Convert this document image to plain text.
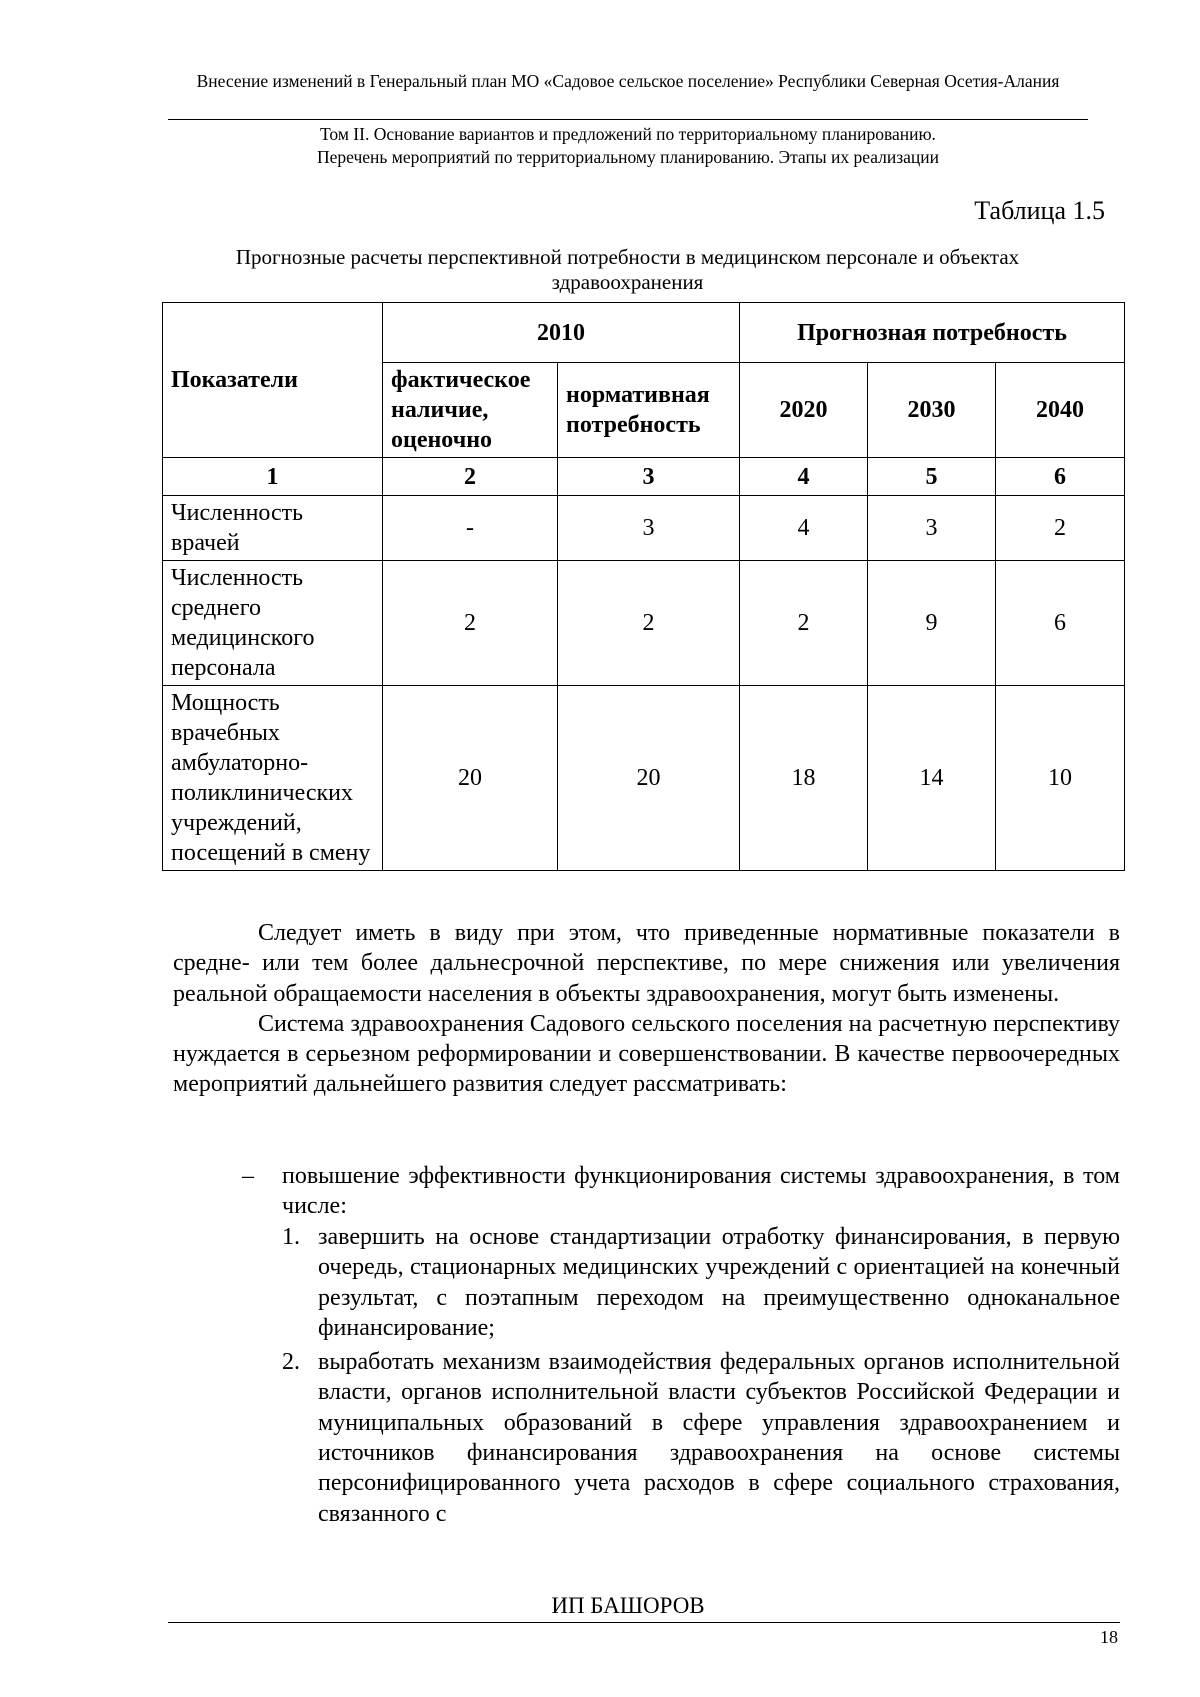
Внесение изменений в Генеральный план МО «Садовое сельское поселение» Республики Северная Осетия-Алания
Том II. Основание вариантов и предложений по территориальному планированию.
Перечень мероприятий по территориальному планированию. Этапы их реализации
Таблица 1.5
Прогнозные расчеты перспективной потребности в медицинском персонале и объектах здравоохранения
Показатели	2010		Прогнозная потребность		
	фактическое наличие, оценочно	нормативная потребность	2020	2030	2040
1	2	3	4	5	6
Численность врачей	-	3	4	3	2
Численность среднего медицинского персонала	2	2	2	9	6
Мощность врачебных амбулаторно-поликлинических учреждений, посещений в смену	20	20	18	14	10

Следует иметь в виду при этом, что приведенные нормативные показатели в средне- или тем более дальнесрочной перспективе, по мере снижения или увеличения реальной обращаемости населения в объекты здравоохранения, могут быть изменены.

Система здравоохранения Садового сельского поселения на расчетную перспективу нуждается в серьезном реформировании и совершенствовании. В качестве первоочередных мероприятий дальнейшего развития следует рассматривать:

– повышение эффективности функционирования системы здравоохранения, в том числе:
1. завершить на основе стандартизации отработку финансирования, в первую очередь, стационарных медицинских учреждений с ориентацией на конечный результат, с поэтапным переходом на преимущественно одноканальное финансирование;
2. выработать механизм взаимодействия федеральных органов исполнительной власти, органов исполнительной власти субъектов Российской Федерации и муниципальных образований в сфере управления здравоохранением и источников финансирования здравоохранения на основе системы персонифицированного учета расходов в сфере социального страхования, связанного с
ИП БАШОРОВ
18
